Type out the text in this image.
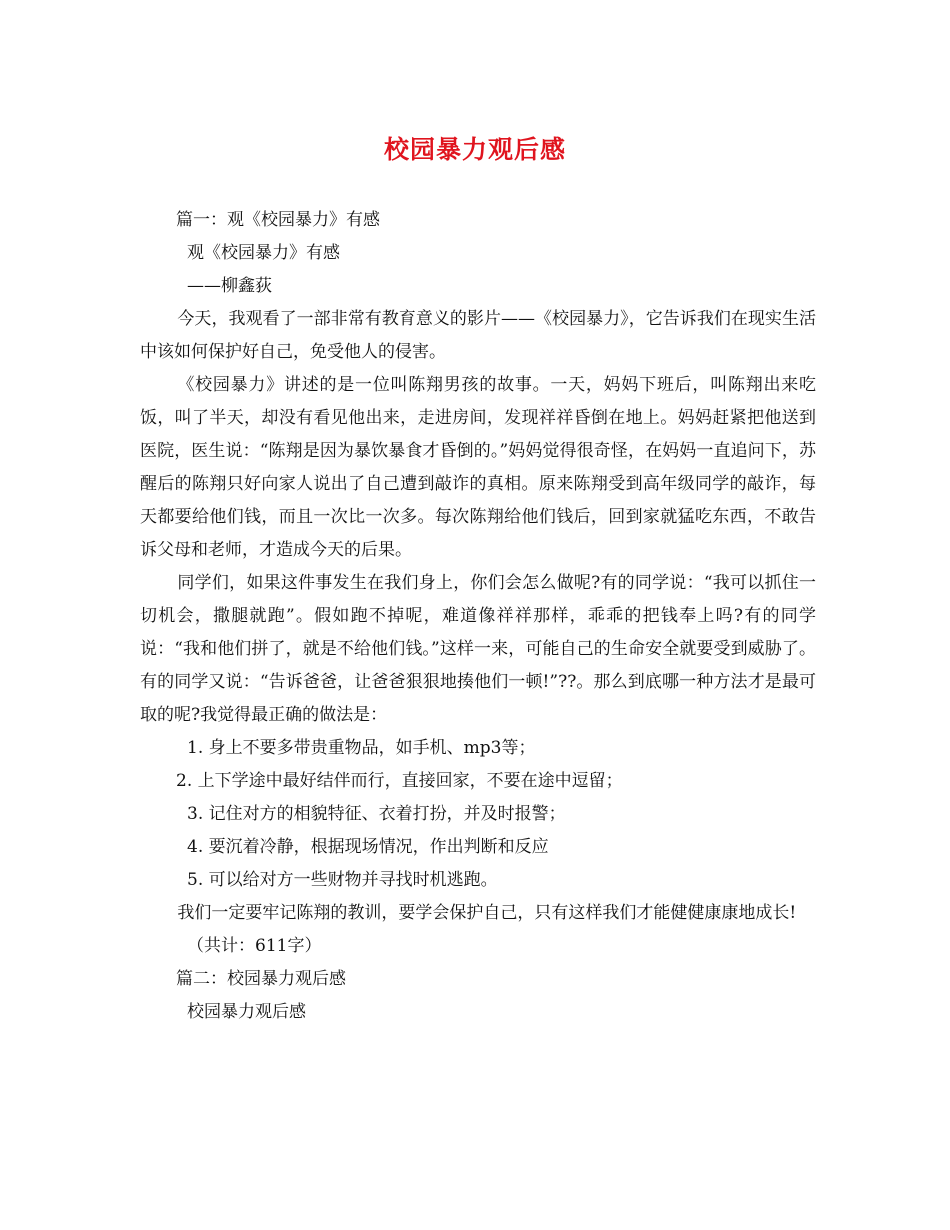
校园暴力观后感

篇一：观《校园暴力》有感

观《校园暴力》有感

——柳鑫荻

今天，我观看了一部非常有教育意义的影片——《校园暴力》，它告诉我们在现实生活中该如何保护好自己，免受他人的侵害。

《校园暴力》讲述的是一位叫陈翔男孩的故事。一天，妈妈下班后，叫陈翔出来吃饭，叫了半天，却没有看见他出来，走进房间，发现祥祥昏倒在地上。妈妈赶紧把他送到医院，医生说：“陈翔是因为暴饮暴食才昏倒的。”妈妈觉得很奇怪，在妈妈一直追问下，苏醒后的陈翔只好向家人说出了自己遭到敲诈的真相。原来陈翔受到高年级同学的敲诈，每天都要给他们钱，而且一次比一次多。每次陈翔给他们钱后，回到家就猛吃东西，不敢告诉父母和老师，才造成今天的后果。

同学们，如果这件事发生在我们身上，你们会怎么做呢?有的同学说：“我可以抓住一切机会，撒腿就跑”。假如跑不掉呢，难道像祥祥那样，乖乖的把钱奉上吗?有的同学说：“我和他们拼了，就是不给他们钱。”这样一来，可能自己的生命安全就要受到威胁了。有的同学又说：“告诉爸爸，让爸爸狠狠地揍他们一顿!”??。那么到底哪一种方法才是最可取的呢?我觉得最正确的做法是：

1. 身上不要多带贵重物品，如手机、mp3等；

2. 上下学途中最好结伴而行，直接回家，不要在途中逗留；

3. 记住对方的相貌特征、衣着打扮，并及时报警；

4. 要沉着冷静，根据现场情况，作出判断和反应

5. 可以给对方一些财物并寻找时机逃跑。

我们一定要牢记陈翔的教训，要学会保护自己，只有这样我们才能健健康康地成长!

（共计：611字）

篇二：校园暴力观后感

校园暴力观后感
